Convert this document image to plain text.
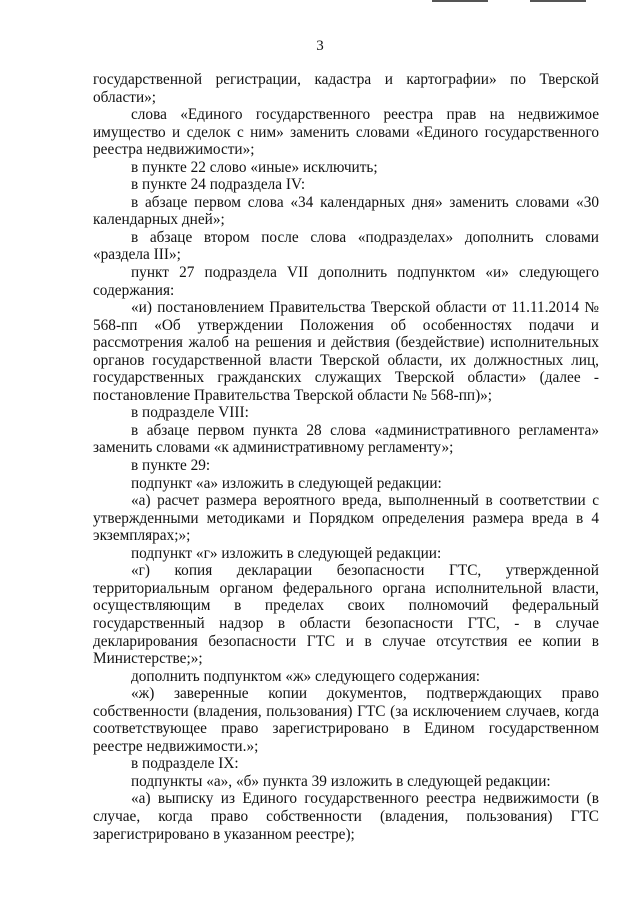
3

государственной регистрации, кадастра и картографии» по Тверской области»;

слова «Единого государственного реестра прав на недвижимое имущество и сделок с ним» заменить словами «Единого государственного реестра недвижимости»;

в пункте 22 слово «иные» исключить;

в пункте 24 подраздела IV:

в абзаце первом слова «34 календарных дня» заменить словами «30 календарных дней»;

в абзаце втором после слова «подразделах» дополнить словами «раздела III»;

пункт 27 подраздела VII дополнить подпунктом «и» следующего содержания:

«и) постановлением Правительства Тверской области от 11.11.2014 № 568-пп «Об утверждении Положения об особенностях подачи и рассмотрения жалоб на решения и действия (бездействие) исполнительных органов государственной власти Тверской области, их должностных лиц, государственных гражданских служащих Тверской области» (далее - постановление Правительства Тверской области № 568-пп)»;

в подразделе VIII:

в абзаце первом пункта 28 слова «административного регламента» заменить словами «к административному регламенту»;

в пункте 29:

подпункт «а» изложить в следующей редакции:

«а) расчет размера вероятного вреда, выполненный в соответствии с утвержденными методиками и Порядком определения размера вреда в 4 экземплярах;»;

подпункт «г» изложить в следующей редакции:

«г) копия декларации безопасности ГТС, утвержденной территориальным органом федерального органа исполнительной власти, осуществляющим в пределах своих полномочий федеральный государственный надзор в области безопасности ГТС, - в случае декларирования безопасности ГТС и в случае отсутствия ее копии в Министерстве;»;

дополнить подпунктом «ж» следующего содержания:

«ж) заверенные копии документов, подтверждающих право собственности (владения, пользования) ГТС (за исключением случаев, когда соответствующее право зарегистрировано в Едином государственном реестре недвижимости.»;

в подразделе IX:

подпункты «а», «б» пункта 39 изложить в следующей редакции:

«а) выписку из Единого государственного реестра недвижимости (в случае, когда право собственности (владения, пользования) ГТС зарегистрировано в указанном реестре);
